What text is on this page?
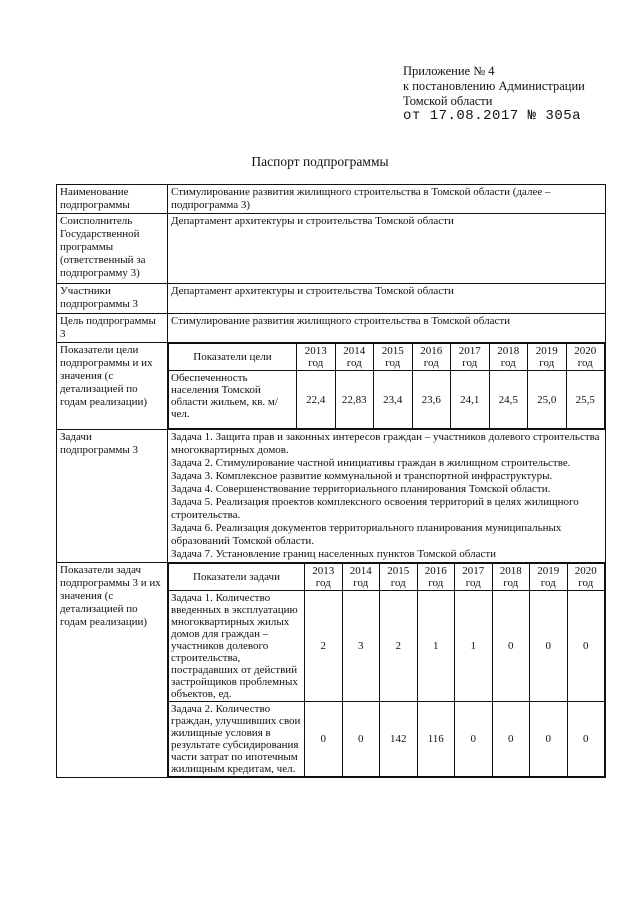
Приложение № 4
к постановлению Администрации
Томской области
от 17.08.2017 № 305а
Паспорт подпрограммы
Наименование подпрограммы	Стимулирование развития жилищного строительства в Томской области (далее – подпрограмма 3)
Соисполнитель Государственной программы (ответственный за подпрограмму 3)	Департамент архитектуры и строительства Томской области
Участники подпрограммы 3	Департамент архитектуры и строительства Томской области
Цель подпрограммы 3	Стимулирование развития жилищного строительства в Томской области
Показатели цели подпрограммы и их значения (с детализацией по годам реализации)	
Показатели цели	2013 год	2014 год	2015 год	2016 год	2017 год	2018 год	2019 год	2020 год
Обеспеченность населения Томской области жильем, кв. м/чел.	22,4	22,83	23,4	23,6	24,1	24,5	25,0	25,5

Задачи подпрограммы 3	

Задача 1. Защита прав и законных интересов граждан – участников долевого строительства многоквартирных домов.

Задача 2. Стимулирование частной инициативы граждан в жилищном строительстве.

Задача 3. Комплексное развитие коммунальной и транспортной инфраструктуры.

Задача 4. Совершенствование территориального планирования Томской области.

Задача 5. Реализация проектов комплексного освоения территорий в целях жилищного строительства.

Задача 6. Реализация документов территориального планирования муниципальных образований Томской области.

Задача 7. Установление границ населенных пунктов Томской области

Показатели задач подпрограммы 3 и их значения (с детализацией по годам реализации)	
Показатели задачи	2013 год	2014 год	2015 год	2016 год	2017 год	2018 год	2019 год	2020 год
Задача 1. Количество введенных в эксплуатацию многоквартирных жилых домов для граждан – участников долевого строительства, пострадавших от действий застройщиков проблемных объектов, ед.	2	3	2	1	1	0	0	0
Задача 2. Количество граждан, улучшивших свои жилищные условия в результате субсидирования части затрат по ипотечным жилищным кредитам, чел.	0	0	142	116	0	0	0	0
